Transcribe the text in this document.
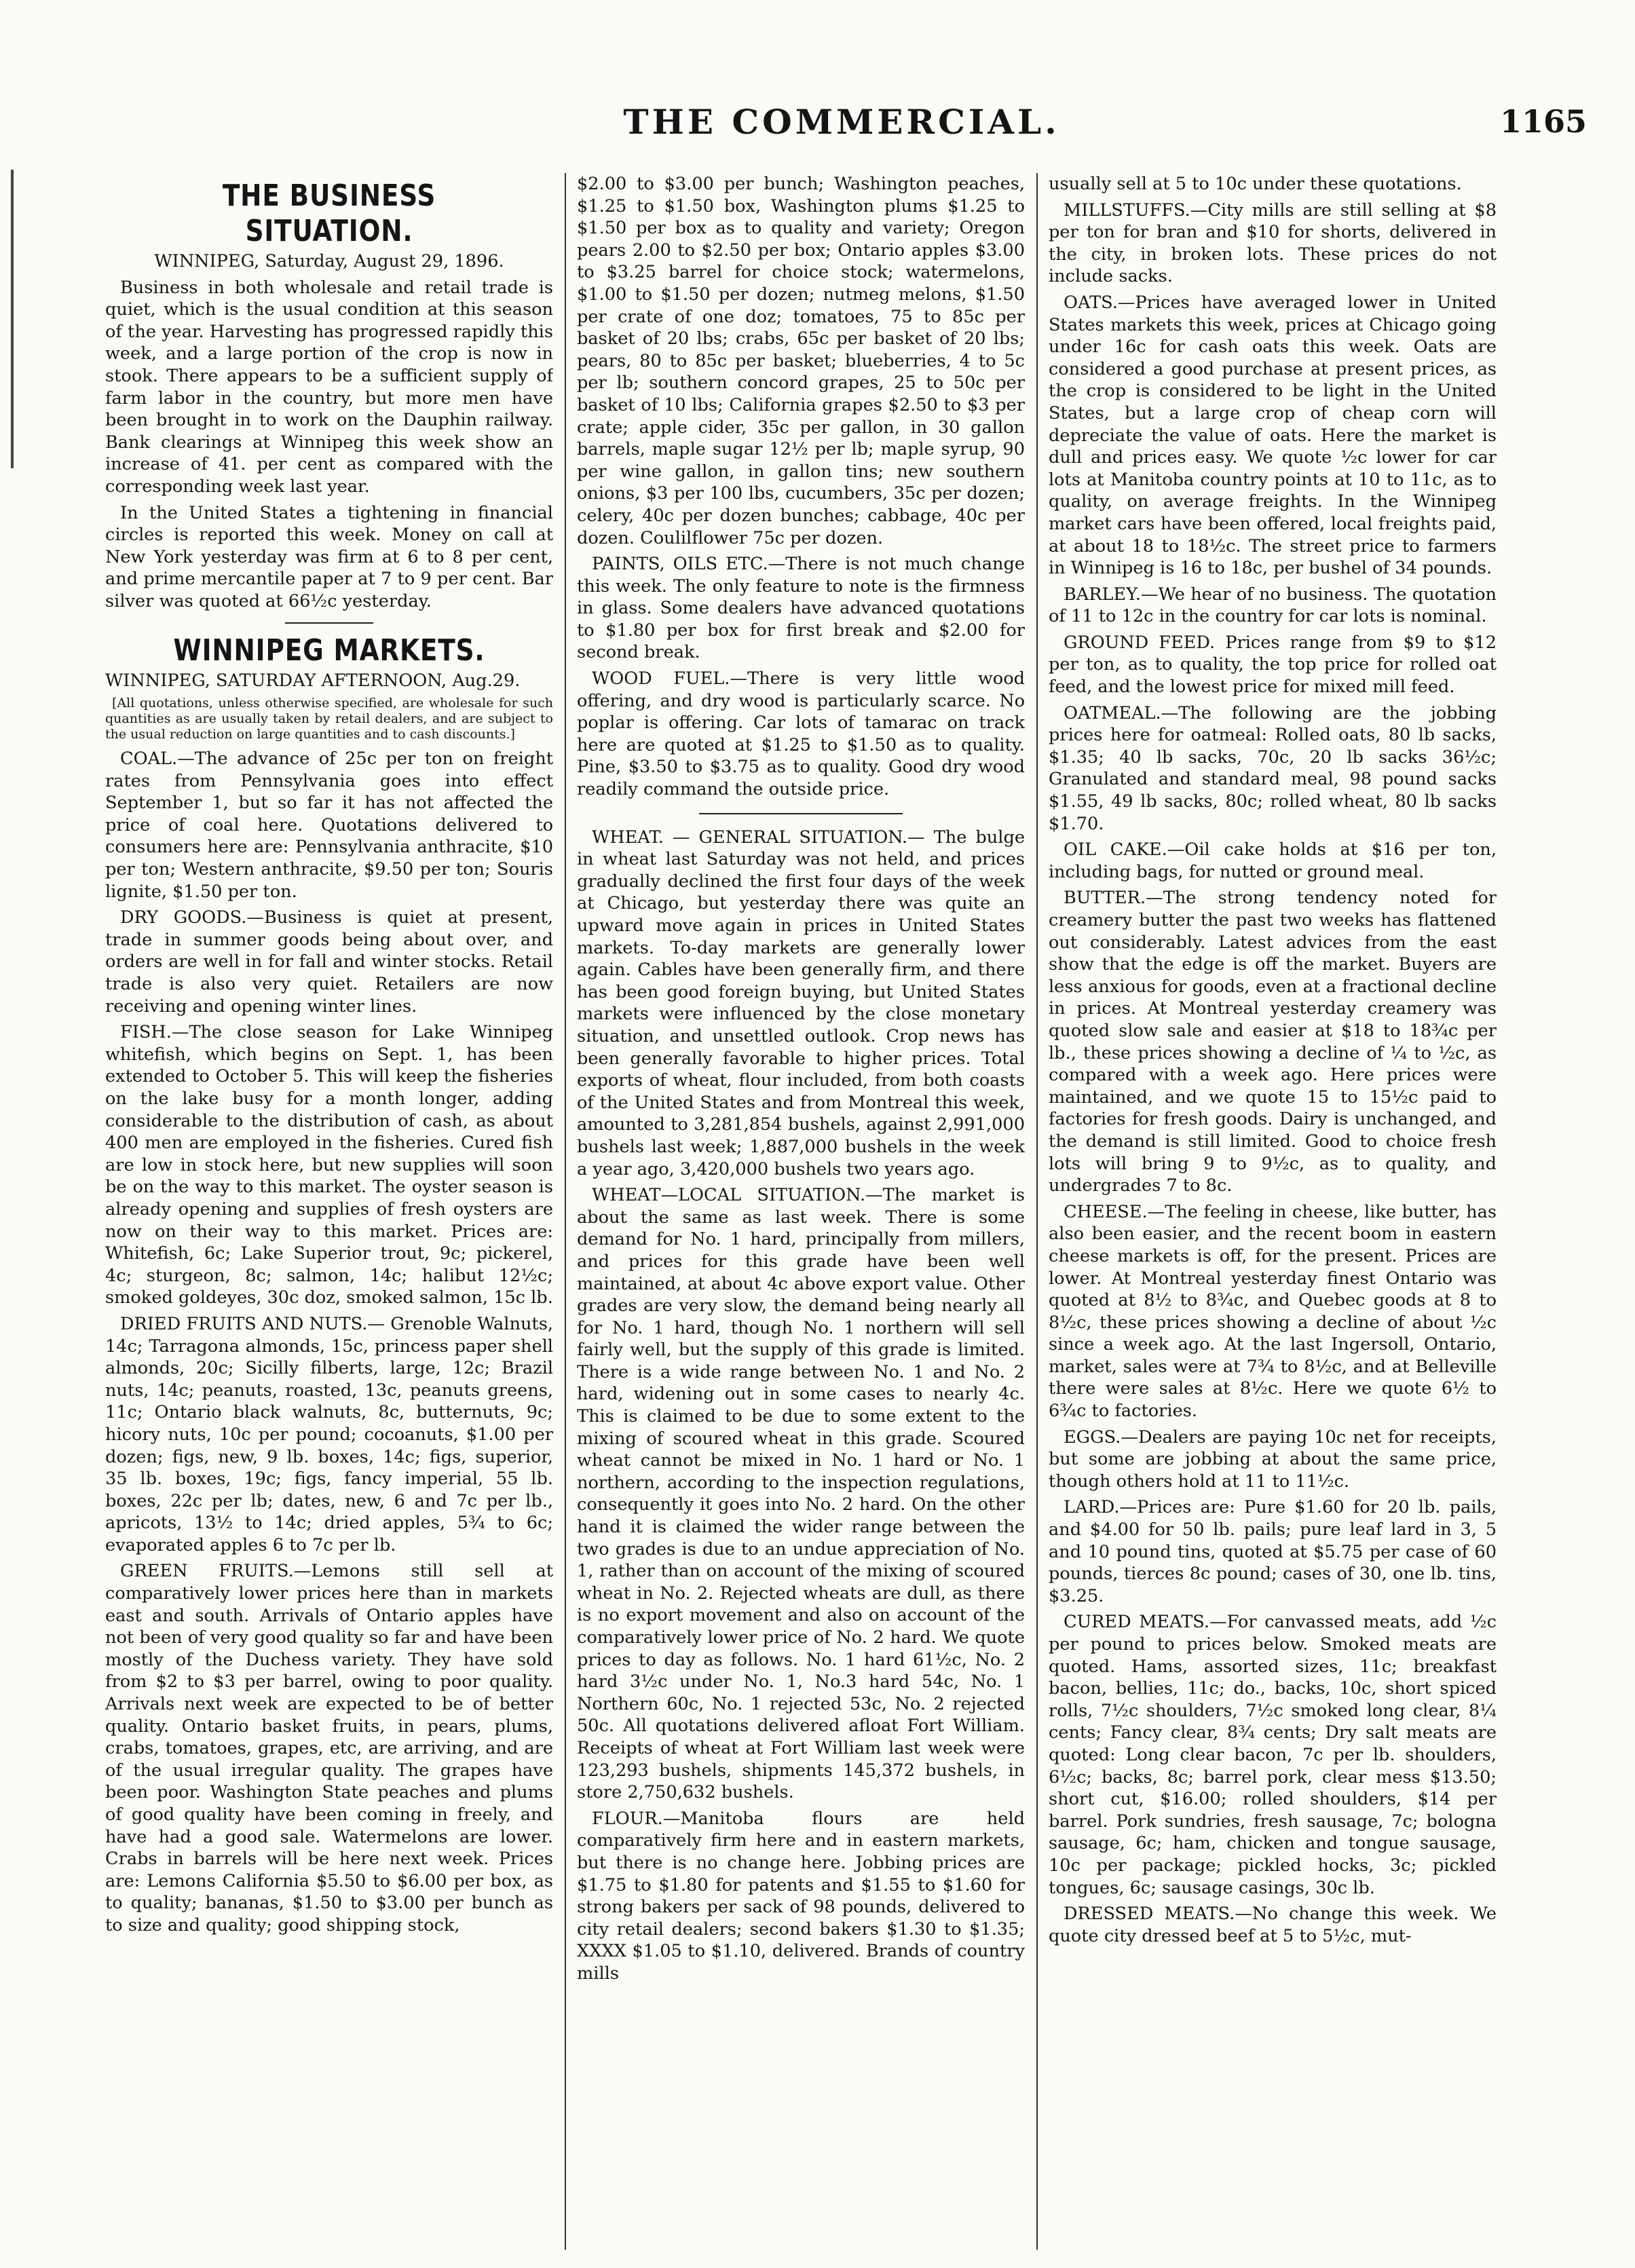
THE COMMERCIAL.	1165
THE BUSINESS SITUATION.

WINNIPEG, Saturday, August 29, 1896.

Business in both wholesale and retail trade is quiet, which is the usual condition at this season of the year. Harvesting has progressed rapidly this week, and a large portion of the crop is now in stook. There appears to be a sufficient supply of farm labor in the country, but more men have been brought in to work on the Dauphin railway. Bank clearings at Winnipeg this week show an increase of 41. per cent as compared with the corresponding week last year.

In the United States a tightening in financial circles is reported this week. Money on call at New York yesterday was firm at 6 to 8 per cent, and prime mercantile paper at 7 to 9 per cent. Bar silver was quoted at 66½c yesterday.

WINNIPEG MARKETS.

WINNIPEG, SATURDAY AFTERNOON, Aug.29.

[All quotations, unless otherwise specified, are wholesale for such quantities as are usually taken by retail dealers, and are subject to the usual reduction on large quantities and to cash discounts.]

COAL.—The advance of 25c per ton on freight rates from Pennsylvania goes into effect September 1, but so far it has not affected the price of coal here. Quotations delivered to consumers here are: Pennsylvania anthracite, $10 per ton; Western anthracite, $9.50 per ton; Souris lignite, $1.50 per ton.

DRY GOODS.—Business is quiet at present, trade in summer goods being about over, and orders are well in for fall and winter stocks. Retail trade is also very quiet. Retailers are now receiving and opening winter lines.

FISH.—The close season for Lake Winnipeg whitefish, which begins on Sept. 1, has been extended to October 5. This will keep the fisheries on the lake busy for a month longer, adding considerable to the distribution of cash, as about 400 men are employed in the fisheries. Cured fish are low in stock here, but new supplies will soon be on the way to this market. The oyster season is already opening and supplies of fresh oysters are now on their way to this market. Prices are: Whitefish, 6c; Lake Superior trout, 9c; pickerel, 4c; sturgeon, 8c; salmon, 14c; halibut 12½c; smoked goldeyes, 30c doz, smoked salmon, 15c lb.

DRIED FRUITS AND NUTS.— Grenoble Walnuts, 14c; Tarragona almonds, 15c, princess paper shell almonds, 20c; Sicilly filberts, large, 12c; Brazil nuts, 14c; peanuts, roasted, 13c, peanuts greens, 11c; Ontario black walnuts, 8c, butternuts, 9c; hicory nuts, 10c per pound; cocoanuts, $1.00 per dozen; figs, new, 9 lb. boxes, 14c; figs, superior, 35 lb. boxes, 19c; figs, fancy imperial, 55 lb. boxes, 22c per lb; dates, new, 6 and 7c per lb., apricots, 13½ to 14c; dried apples, 5¾ to 6c; evaporated apples 6 to 7c per lb.

GREEN FRUITS.—Lemons still sell at comparatively lower prices here than in markets east and south. Arrivals of Ontario apples have not been of very good quality so far and have been mostly of the Duchess variety. They have sold from $2 to $3 per barrel, owing to poor quality. Arrivals next week are expected to be of better quality. Ontario basket fruits, in pears, plums, crabs, tomatoes, grapes, etc, are arriving, and are of the usual irregular quality. The grapes have been poor. Washington State peaches and plums of good quality have been coming in freely, and have had a good sale. Watermelons are lower. Crabs in barrels will be here next week. Prices are: Lemons California $5.50 to $6.00 per box, as to quality; bananas, $1.50 to $3.00 per bunch as to size and quality; good shipping stock,

$2.00 to $3.00 per bunch; Washington peaches, $1.25 to $1.50 box, Washington plums $1.25 to $1.50 per box as to quality and variety; Oregon pears 2.00 to $2.50 per box; Ontario apples $3.00 to $3.25 barrel for choice stock; watermelons, $1.00 to $1.50 per dozen; nutmeg melons, $1.50 per crate of one doz; tomatoes, 75 to 85c per basket of 20 lbs; crabs, 65c per basket of 20 lbs; pears, 80 to 85c per basket; blueberries, 4 to 5c per lb; southern concord grapes, 25 to 50c per basket of 10 lbs; California grapes $2.50 to $3 per crate; apple cider, 35c per gallon, in 30 gallon barrels, maple sugar 12½ per lb; maple syrup, 90 per wine gallon, in gallon tins; new southern onions, $3 per 100 lbs, cucumbers, 35c per dozen; celery, 40c per dozen bunches; cabbage, 40c per dozen. Coulilflower 75c per dozen.

PAINTS, OILS ETC.—There is not much change this week. The only feature to note is the firmness in glass. Some dealers have advanced quotations to $1.80 per box for first break and $2.00 for second break.

WOOD FUEL.—There is very little wood offering, and dry wood is particularly scarce. No poplar is offering. Car lots of tamarac on track here are quoted at $1.25 to $1.50 as to quality. Pine, $3.50 to $3.75 as to quality. Good dry wood readily command the outside price.

WHEAT. — GENERAL SITUATION.— The bulge in wheat last Saturday was not held, and prices gradually declined the first four days of the week at Chicago, but yesterday there was quite an upward move again in prices in United States markets. To-day markets are generally lower again. Cables have been generally firm, and there has been good foreign buying, but United States markets were influenced by the close monetary situation, and unsettled outlook. Crop news has been generally favorable to higher prices. Total exports of wheat, flour included, from both coasts of the United States and from Montreal this week, amounted to 3,281,854 bushels, against 2,991,000 bushels last week; 1,887,000 bushels in the week a year ago, 3,420,000 bushels two years ago.

WHEAT—LOCAL SITUATION.—The market is about the same as last week. There is some demand for No. 1 hard, principally from millers, and prices for this grade have been well maintained, at about 4c above export value. Other grades are very slow, the demand being nearly all for No. 1 hard, though No. 1 northern will sell fairly well, but the supply of this grade is limited. There is a wide range between No. 1 and No. 2 hard, widening out in some cases to nearly 4c. This is claimed to be due to some extent to the mixing of scoured wheat in this grade. Scoured wheat cannot be mixed in No. 1 hard or No. 1 northern, according to the inspection regulations, consequently it goes into No. 2 hard. On the other hand it is claimed the wider range between the two grades is due to an undue appreciation of No. 1, rather than on account of the mixing of scoured wheat in No. 2. Rejected wheats are dull, as there is no export movement and also on account of the comparatively lower price of No. 2 hard. We quote prices to day as follows. No. 1 hard 61½c, No. 2 hard 3½c under No. 1, No.3 hard 54c, No. 1 Northern 60c, No. 1 rejected 53c, No. 2 rejected 50c. All quotations delivered afloat Fort William. Receipts of wheat at Fort William last week were 123,293 bushels, shipments 145,372 bushels, in store 2,750,632 bushels.

FLOUR.—Manitoba flours are held comparatively firm here and in eastern markets, but there is no change here. Jobbing prices are $1.75 to $1.80 for patents and $1.55 to $1.60 for strong bakers per sack of 98 pounds, delivered to city retail dealers; second bakers $1.30 to $1.35; XXXX $1.05 to $1.10, delivered. Brands of country mills

usually sell at 5 to 10c under these quotations.

MILLSTUFFS.—City mills are still selling at $8 per ton for bran and $10 for shorts, delivered in the city, in broken lots. These prices do not include sacks.

OATS.—Prices have averaged lower in United States markets this week, prices at Chicago going under 16c for cash oats this week. Oats are considered a good purchase at present prices, as the crop is considered to be light in the United States, but a large crop of cheap corn will depreciate the value of oats. Here the market is dull and prices easy. We quote ½c lower for car lots at Manitoba country points at 10 to 11c, as to quality, on average freights. In the Winnipeg market cars have been offered, local freights paid, at about 18 to 18½c. The street price to farmers in Winnipeg is 16 to 18c, per bushel of 34 pounds.

BARLEY.—We hear of no business. The quotation of 11 to 12c in the country for car lots is nominal.

GROUND FEED. Prices range from $9 to $12 per ton, as to quality, the top price for rolled oat feed, and the lowest price for mixed mill feed.

OATMEAL.—The following are the jobbing prices here for oatmeal: Rolled oats, 80 lb sacks, $1.35; 40 lb sacks, 70c, 20 lb sacks 36½c; Granulated and standard meal, 98 pound sacks $1.55, 49 lb sacks, 80c; rolled wheat, 80 lb sacks $1.70.

OIL CAKE.—Oil cake holds at $16 per ton, including bags, for nutted or ground meal.

BUTTER.—The strong tendency noted for creamery butter the past two weeks has flattened out considerably. Latest advices from the east show that the edge is off the market. Buyers are less anxious for goods, even at a fractional decline in prices. At Montreal yesterday creamery was quoted slow sale and easier at $18 to 18¾c per lb., these prices showing a decline of ¼ to ½c, as compared with a week ago. Here prices were maintained, and we quote 15 to 15½c paid to factories for fresh goods. Dairy is unchanged, and the demand is still limited. Good to choice fresh lots will bring 9 to 9½c, as to quality, and undergrades 7 to 8c.

CHEESE.—The feeling in cheese, like butter, has also been easier, and the recent boom in eastern cheese markets is off, for the present. Prices are lower. At Montreal yesterday finest Ontario was quoted at 8½ to 8¾c, and Quebec goods at 8 to 8½c, these prices showing a decline of about ½c since a week ago. At the last Ingersoll, Ontario, market, sales were at 7¾ to 8½c, and at Belleville there were sales at 8½c. Here we quote 6½ to 6¾c to factories.

EGGS.—Dealers are paying 10c net for receipts, but some are jobbing at about the same price, though others hold at 11 to 11½c.

LARD.—Prices are: Pure $1.60 for 20 lb. pails, and $4.00 for 50 lb. pails; pure leaf lard in 3, 5 and 10 pound tins, quoted at $5.75 per case of 60 pounds, tierces 8c pound; cases of 30, one lb. tins, $3.25.

CURED MEATS.—For canvassed meats, add ½c per pound to prices below. Smoked meats are quoted. Hams, assorted sizes, 11c; breakfast bacon, bellies, 11c; do., backs, 10c, short spiced rolls, 7½c shoulders, 7½c smoked long clear, 8¼ cents; Fancy clear, 8¾ cents; Dry salt meats are quoted: Long clear bacon, 7c per lb. shoulders, 6½c; backs, 8c; barrel pork, clear mess $13.50; short cut, $16.00; rolled shoulders, $14 per barrel. Pork sundries, fresh sausage, 7c; bologna sausage, 6c; ham, chicken and tongue sausage, 10c per package; pickled hocks, 3c; pickled tongues, 6c; sausage casings, 30c lb.

DRESSED MEATS.—No change this week. We quote city dressed beef at 5 to 5½c, mut-
